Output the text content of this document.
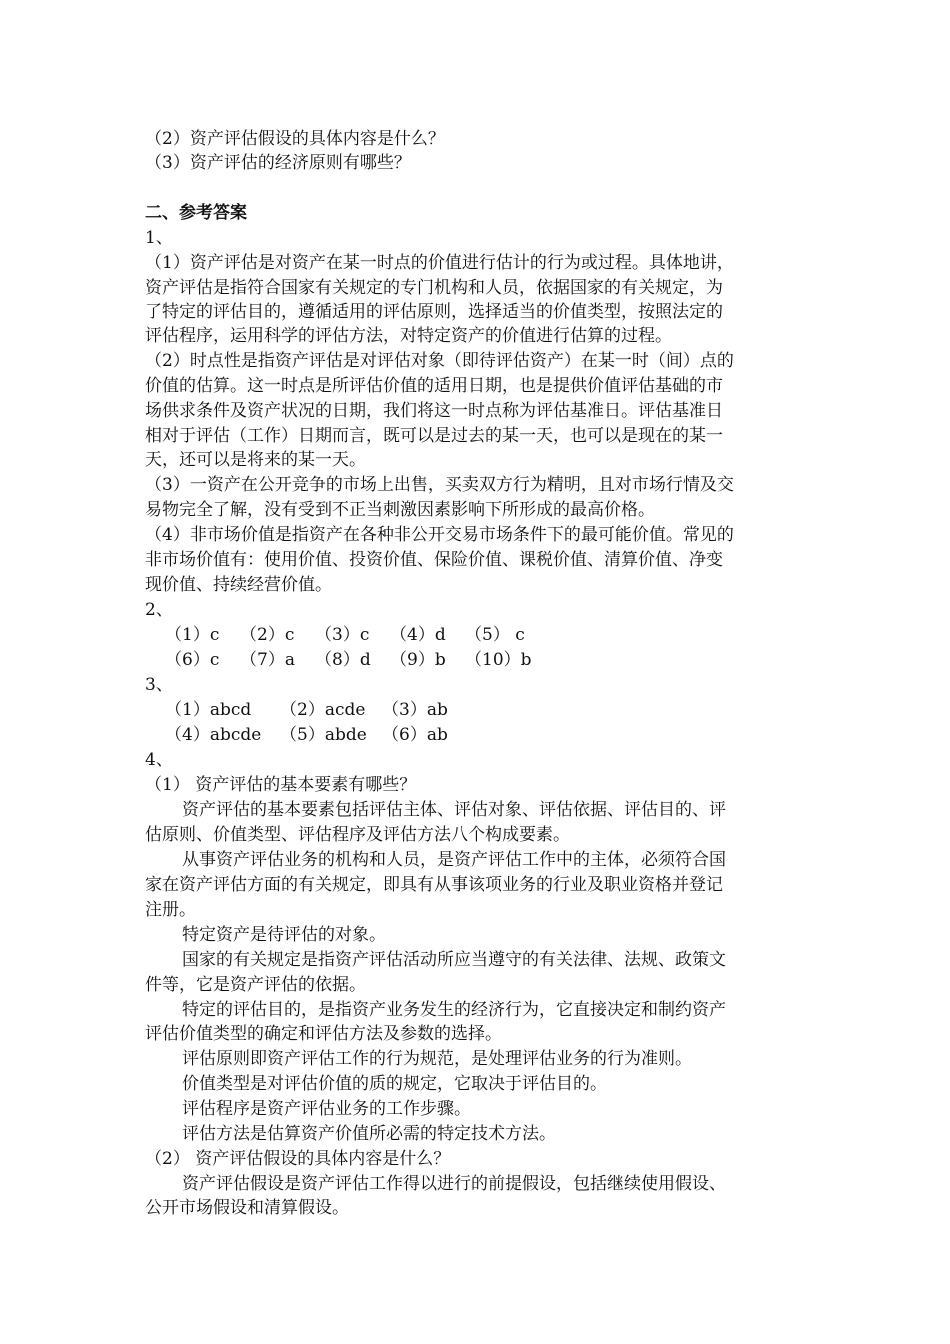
（2）资产评估假设的具体内容是什么？
（3）资产评估的经济原则有哪些？
二、参考答案
1、
（1）资产评估是对资产在某一时点的价值进行估计的行为或过程。具体地讲，
资产评估是指符合国家有关规定的专门机构和人员，依据国家的有关规定，为
了特定的评估目的，遵循适用的评估原则，选择适当的价值类型，按照法定的
评估程序，运用科学的评估方法，对特定资产的价值进行估算的过程。
（2）时点性是指资产评估是对评估对象（即待评估资产）在某一时（间）点的
价值的估算。这一时点是所评估价值的适用日期，也是提供价值评估基础的市
场供求条件及资产状况的日期，我们将这一时点称为评估基准日。评估基准日
相对于评估（工作）日期而言，既可以是过去的某一天，也可以是现在的某一
天，还可以是将来的某一天。
（3）一资产在公开竞争的市场上出售，买卖双方行为精明，且对市场行情及交
易物完全了解，没有受到不正当刺激因素影响下所形成的最高价格。
（4）非市场价值是指资产在各种非公开交易市场条件下的最可能价值。常见的
非市场价值有：使用价值、投资价值、保险价值、课税价值、清算价值、净变
现价值、持续经营价值。
2、
（1）c （2）c （3）c （4）d （5） c
（6）c （7）a （8）d （9）b （10）b
3、
（1）abcd （2）acde （3）ab
（4）abcde （5）abde （6）ab
4、
（1） 资产评估的基本要素有哪些？
资产评估的基本要素包括评估主体、评估对象、评估依据、评估目的、评
估原则、价值类型、评估程序及评估方法八个构成要素。
从事资产评估业务的机构和人员，是资产评估工作中的主体，必须符合国
家在资产评估方面的有关规定，即具有从事该项业务的行业及职业资格并登记
注册。
特定资产是待评估的对象。
国家的有关规定是指资产评估活动所应当遵守的有关法律、法规、政策文
件等，它是资产评估的依据。
特定的评估目的，是指资产业务发生的经济行为，它直接决定和制约资产
评估价值类型的确定和评估方法及参数的选择。
评估原则即资产评估工作的行为规范，是处理评估业务的行为准则。
价值类型是对评估价值的质的规定，它取决于评估目的。
评估程序是资产评估业务的工作步骤。
评估方法是估算资产价值所必需的特定技术方法。
（2） 资产评估假设的具体内容是什么？
资产评估假设是资产评估工作得以进行的前提假设，包括继续使用假设、
公开市场假设和清算假设。
